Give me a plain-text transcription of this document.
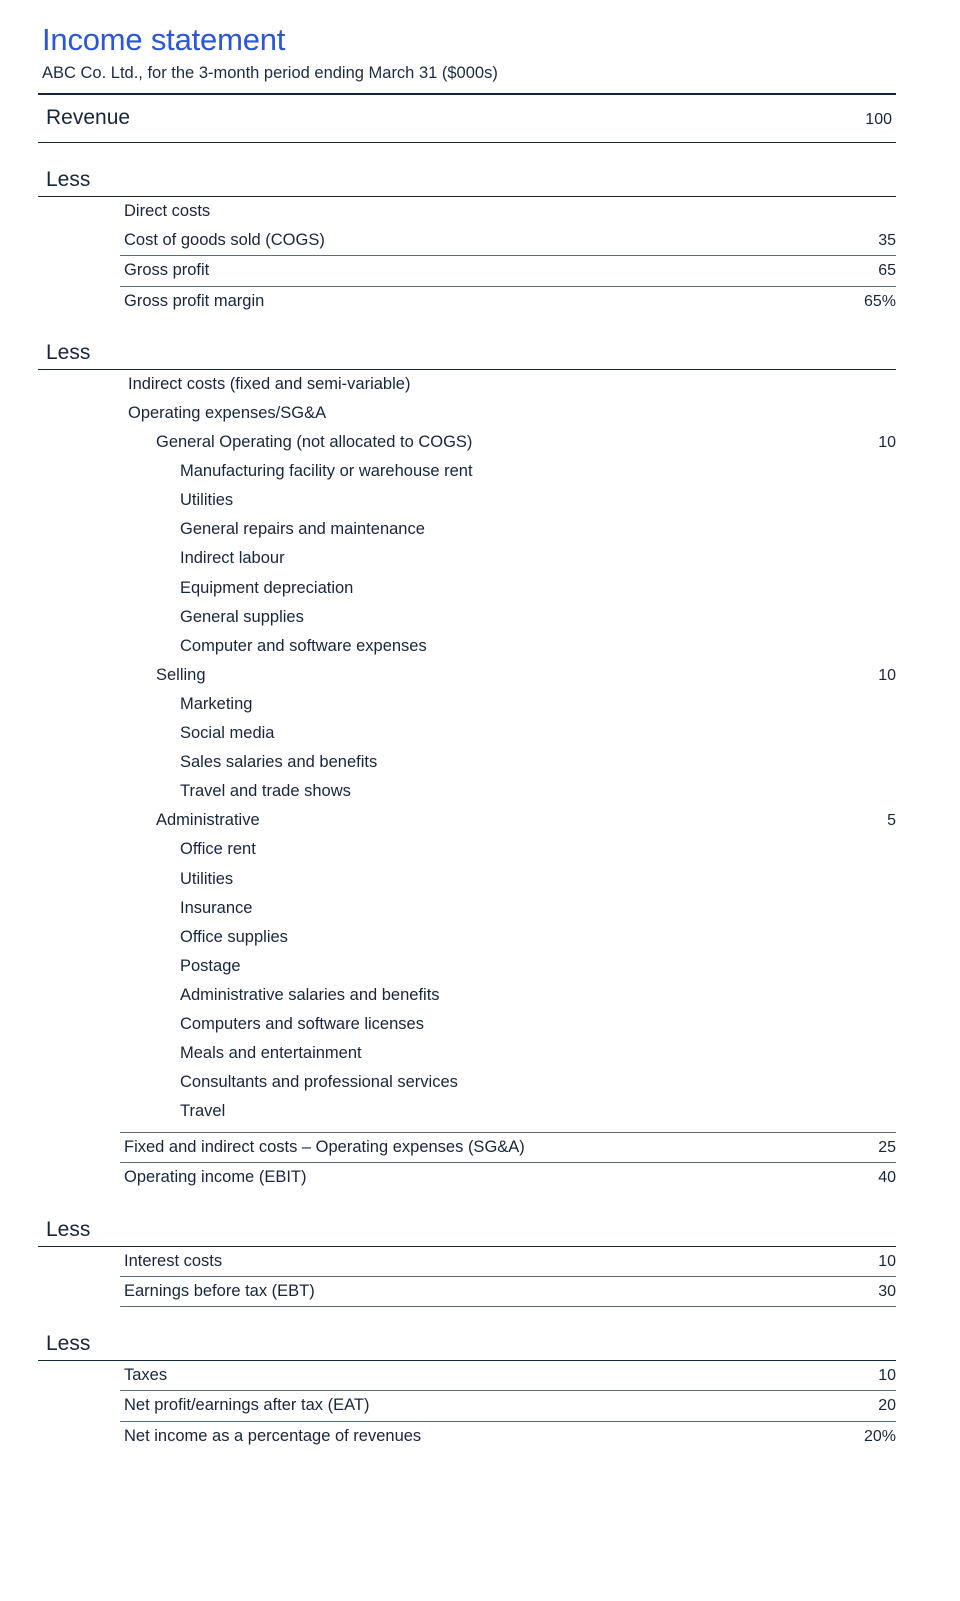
Income statement
ABC Co. Ltd., for the 3-month period ending March 31 ($000s)
Revenue	100
Less
Direct costs
Cost of goods sold (COGS)	35
Gross profit	65
Gross profit margin	65%
Less
Indirect costs (fixed and semi-variable)
Operating expenses/SG&A
General Operating (not allocated to COGS)	10
Manufacturing facility or warehouse rent
Utilities
General repairs and maintenance
Indirect labour
Equipment depreciation
General supplies
Computer and software expenses
Selling	10
Marketing
Social media
Sales salaries and benefits
Travel and trade shows
Administrative	5
Office rent
Utilities
Insurance
Office supplies
Postage
Administrative salaries and benefits
Computers and software licenses
Meals and entertainment
Consultants and professional services
Travel
Fixed and indirect costs – Operating expenses (SG&A)	25
Operating income (EBIT)	40
Less
Interest costs	10
Earnings before tax (EBT)	30
Less
Taxes	10
Net profit/earnings after tax (EAT)	20
Net income as a percentage of revenues	20%
